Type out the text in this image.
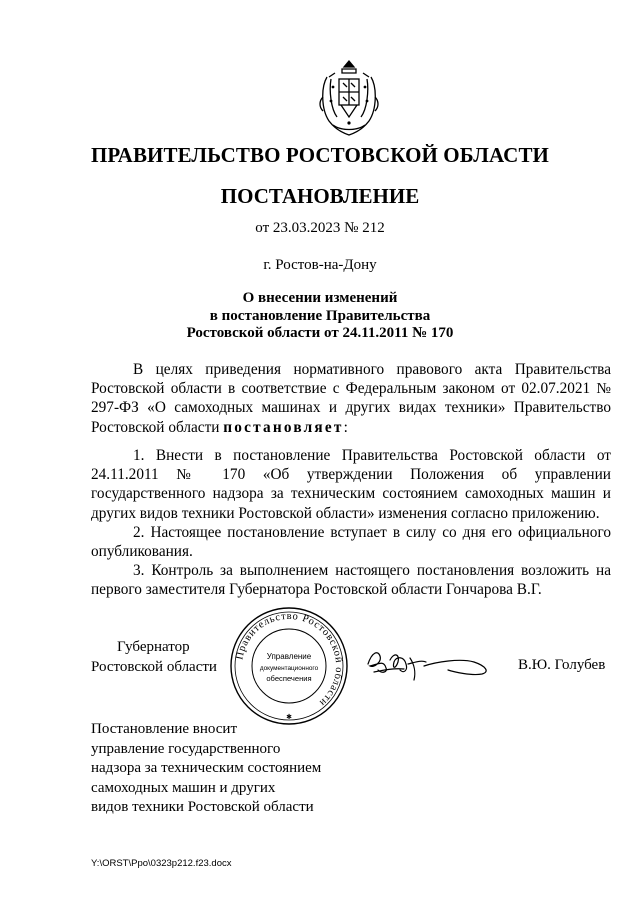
ПРАВИТЕЛЬСТВО РОСТОВСКОЙ ОБЛАСТИ
ПОСТАНОВЛЕНИЕ
от 23.03.2023 № 212
г. Ростов-на-Дону
О внесении изменений
в постановление Правительства
Ростовской области от 24.11.2011 № 170

В целях приведения нормативного правового акта Правительства Ростовской области в соответствие с Федеральным законом от 02.07.2021 № 297-ФЗ «О самоходных машинах и других видах техники» Правительство Ростовской области постановляет:

1. Внести в постановление Правительства Ростовской области от 24.11.2011 № 170 «Об утверждении Положения об управлении государственного надзора за техническим состоянием самоходных машин и других видов техники Ростовской области» изменения согласно приложению.

2. Настоящее постановление вступает в силу со дня его официального опубликования.

3. Контроль за выполнением настоящего постановления возложить на первого заместителя Губернатора Ростовской области Гончарова В.Г.

Губернатор
Ростовской области
Правительство Ростовской области
Управление
документационного
обеспечения
✱
В.Ю. Голубев
Постановление вносит
управление государственного
надзора за техническим состоянием
самоходных машин и других
видов техники Ростовской области
Y:\ORST\Ppo\0323p212.f23.docx
